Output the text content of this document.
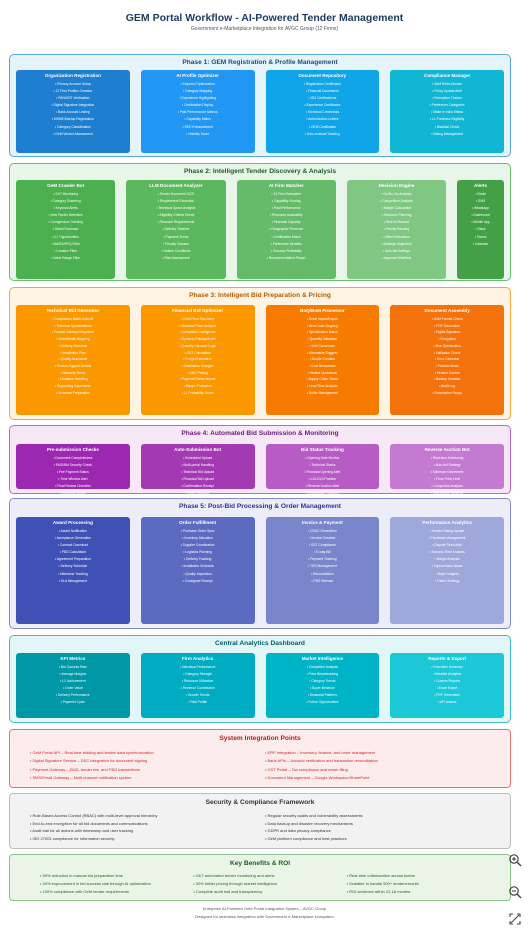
GEM Portal Workflow - AI-Powered Tender Management
Government e-Marketplace Integration for AVGC Group (12 Firms)
Phase 1: GEM Registration & Profile Management
Organization Registration
• Primary Account Setup
• 12 Firm Profiles Creation
• PAN/GST Verification
• Digital Signature Integration
• Bank Account Linking
• MSME/Startup Registration
• Category Classification
• GeM Vendor Assessment
AI Profile Optimizer
• Keyword Optimization
• Category Mapping
• Experience Highlighting
• Certification Display
• Past Performance Metrics
• Capability Matrix
• SEO Enhancement
• Visibility Score
Document Repository
• Registration Certificates
• Financial Documents
• ISO Certifications
• Experience Certificates
• Technical Credentials
• Authorization Letters
• OEM Certificates
• Auto-renewal Tracking
Compliance Manager
• GeM Rules Monitor
• Policy Update Alert
• Exemption Tracker
• Preference Categories
• Make in India Status
• L1 Purchase Eligibility
• Blacklist Check
• Rating Management
Phase 2: Intelligent Tender Discovery & Analysis
GeM Crawler Bot
• 24/7 Monitoring
• Category Scanning
• Keyword Alerts
• New Tender Detection
• Corrigendum Tracking
• Direct Purchase
• L1 Opportunities
• Bid/RA/RFQ Filter
• Location Filter
• Value Range Filter
LLM Document Analyzer
• Tender Document OCR
• Requirement Extraction
• Technical Specs Analysis
• Eligibility Criteria Check
• Financial Requirements
• Delivery Timeline
• Payment Terms
• Penalty Clauses
• Hidden Conditions
• Risk Assessment
AI Firm Matcher
• 12 Firm Evaluation
• Capability Scoring
• Past Performance
• Resource Availability
• Financial Capacity
• Geographic Presence
• Certification Match
• Preference Benefits
• Success Probability
• Recommendation Report
Decision Engine
• Go/No-Go Analysis
• Competition Analysis
• Margin Calculation
• Resource Planning
• Risk vs Reward
• Priority Ranking
• Effort Estimation
• Strategic Alignment
• Auto-bid Settings
• Approval Workflow
Alerts
• Email
• SMS
• WhatsApp
• Dashboard
• Mobile App
• Slack
• Teams
• Calendar
Phase 3: Intelligent Bid Preparation & Pricing
Technical Bid Generator
• Compliance Matrix Auto-fill
• Technical Specifications
• Product Catalog Integration
• Make/Model Mapping
• Delivery Schedule
• Installation Plan
• Quality Assurance
• Service Support Details
• Warranty Terms
• Deviation Handling
• Supporting Documents
• Annexure Preparation
Financial Bid Optimizer
• GeM Price Discovery
• Historical Price Analysis
• Competitor Intelligence
• Dynamic Pricing Model
• Quantity Discount Logic
• GST Calculation
• Freight Estimation
• Installation Charges
• AMC Pricing
• Payment Terms Impact
• Margin Protection
• L1 Probability Score
BoQ/BoM Processor
• Excel Import/Export
• Item Code Mapping
• Specification Match
• Quantity Validation
• Unit Conversion
• Alternative Suggest
• Bundle Creation
• Cost Breakdown
• Vendor Quotations
• Supply Chain Check
• Lead Time Analysis
• Buffer Management
Document Assembly
• GeM Format Check
• PDF Generation
• Digital Signature
• Encryption
• Size Optimization
• Validation Check
• Error Detection
• Preview Mode
• Version Control
• Backup Creation
• Audit Log
• Submission Ready
Phase 4: Automated Bid Submission & Monitoring
Pre-submission Checks
• Document Completeness
• EMD/Bid Security Check
• Fee Payment Status
• Time Window Alert
• Final Review Checklist
• Approval Status
Auto-Submission Bot
• Scheduled Upload
• Multi-portal Handling
• Technical Bid Upload
• Financial Bid Upload
• Confirmation Receipt
• Error Handling
Bid Status Tracking
• Opening Date Monitor
• Technical Status
• Financial Opening Alert
• L1/L2/L3 Position
• Reverse Auction Alert
• Clarification Tracking
Reverse Auction Bot
• Real-time Monitoring
• Auto-bid Strategy
• Minimum Decrement
• Floor Price Limit
• Competitor Analysis
• Last Minute Strategy
Phase 5: Post-Bid Processing & Order Management
Award Processing
• Award Notification
• Acceptance Generation
• Contract Download
• PBG Calculation
• Agreement Preparation
• Delivery Schedule
• Milestone Tracking
• SLA Management
Order Fulfillment
• Purchase Order Sync
• Inventory Allocation
• Supplier Coordination
• Logistics Planning
• Delivery Tracking
• Installation Schedule
• Quality Inspection
• Consignee Receipt
Invoice & Payment
• CRAC Generation
• Invoice Creation
• GST Compliance
• E-way Bill
• Payment Tracking
• TDS Management
• Reconciliation
• PBG Release
Performance Analytics
• Vendor Rating Update
• Feedback Management
• Dispute Resolution
• Success Rate Analysis
• Margin Analysis
• Improvement Areas
• Buyer Insights
• Future Strategy
Central Analytics Dashboard
KPI Metrics
• Bid Success Rate
• Average Margins
• L1 Achievement
• Order Value
• Delivery Performance
• Payment Cycle
Firm Analytics
• Individual Performance
• Category Strength
• Resource Utilization
• Revenue Contribution
• Growth Trends
• Risk Profile
Market Intelligence
• Competitor Analysis
• Price Benchmarking
• Category Trends
• Buyer Behavior
• Seasonal Patterns
• Future Opportunities
Reports & Export
• Executive Summary
• Detailed Analytics
• Custom Reports
• Excel Export
• PDF Generation
• API Access
System Integration Points
• GeM Portal API – Real-time bidding and tender data synchronization
• Digital Signature Service – DSC integration for document signing
• Payment Gateway – EMD, tender fee, and PBG transactions
• SMS/Email Gateway – Multi-channel notification system
• ERP Integration – Inventory, finance, and order management
• Bank APIs – Account verification and transaction reconciliation
• GST Portal – Tax compliance and return filing
• Document Management – Google Workspace/SharePoint
Security & Compliance Framework
• Role-Based Access Control (RBAC) with multi-level approval hierarchy
• End-to-end encryption for all bid documents and communications
• Audit trail for all actions with timestamp and user tracking
• ISO 27001 compliance for information security
• Regular security audits and vulnerability assessments
• Data backup and disaster recovery mechanisms
• GDPR and data privacy compliance
• GeM platform compliance and best practices
Key Benefits & ROI
• 90% reduction in manual bid preparation time
• 40% improvement in bid success rate through AI optimization
• 100% compliance with GeM tender requirements
• 24/7 automated tender monitoring and alerts
• 30% better pricing through market intelligence
• Complete audit trail and transparency
• Real-time collaboration across teams
• Scalable to handle 500+ tenders/month
• ROI achieved within 12-18 months
Enterprise AI-Powered GeM Portal Integration System – AVGC Group
Designed for seamless integration with Government e-Marketplace ecosystem
